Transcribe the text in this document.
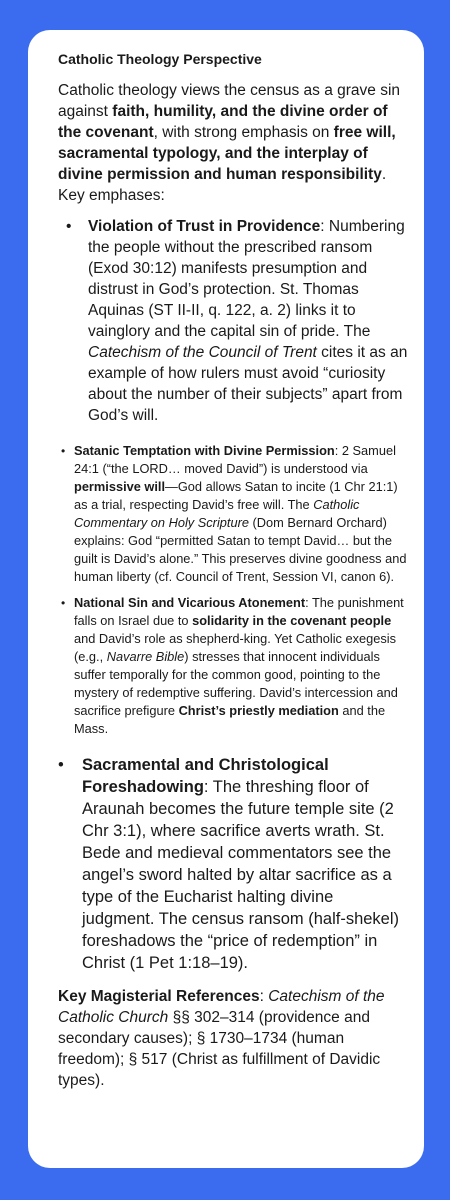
Catholic Theology Perspective

Catholic theology views the census as a grave sin against faith, humility, and the divine order of the covenant, with strong emphasis on free will, sacramental typology, and the interplay of divine permission and human responsibility. Key emphases:

• Violation of Trust in Providence: Numbering the people without the prescribed ransom (Exod 30:12) manifests presumption and distrust in God’s protection. St. Thomas Aquinas (ST II-II, q. 122, a. 2) links it to vainglory and the capital sin of pride. The Catechism of the Council of Trent cites it as an example of how rulers must avoid “curiosity about the number of their subjects” apart from God’s will.
• Satanic Temptation with Divine Permission: 2 Samuel 24:1 (“the LORD… moved David”) is understood via permissive will—God allows Satan to incite (1 Chr 21:1) as a trial, respecting David’s free will. The Catholic Commentary on Holy Scripture (Dom Bernard Orchard) explains: God “permitted Satan to tempt David… but the guilt is David’s alone.” This preserves divine goodness and human liberty (cf. Council of Trent, Session VI, canon 6).
• National Sin and Vicarious Atonement: The punishment falls on Israel due to solidarity in the covenant people and David’s role as shepherd-king. Yet Catholic exegesis (e.g., Navarre Bible) stresses that innocent individuals suffer temporally for the common good, pointing to the mystery of redemptive suffering. David’s intercession and sacrifice prefigure Christ’s priestly mediation and the Mass.
• Sacramental and Christological Foreshadowing: The threshing floor of Araunah becomes the future temple site (2 Chr 3:1), where sacrifice averts wrath. St. Bede and medieval commentators see the angel’s sword halted by altar sacrifice as a type of the Eucharist halting divine judgment. The census ransom (half-shekel) foreshadows the “price of redemption” in Christ (1 Pet 1:18–19).

Key Magisterial References: Catechism of the Catholic Church §§ 302–314 (providence and secondary causes); § 1730–1734 (human freedom); § 517 (Christ as fulfillment of Davidic types).
